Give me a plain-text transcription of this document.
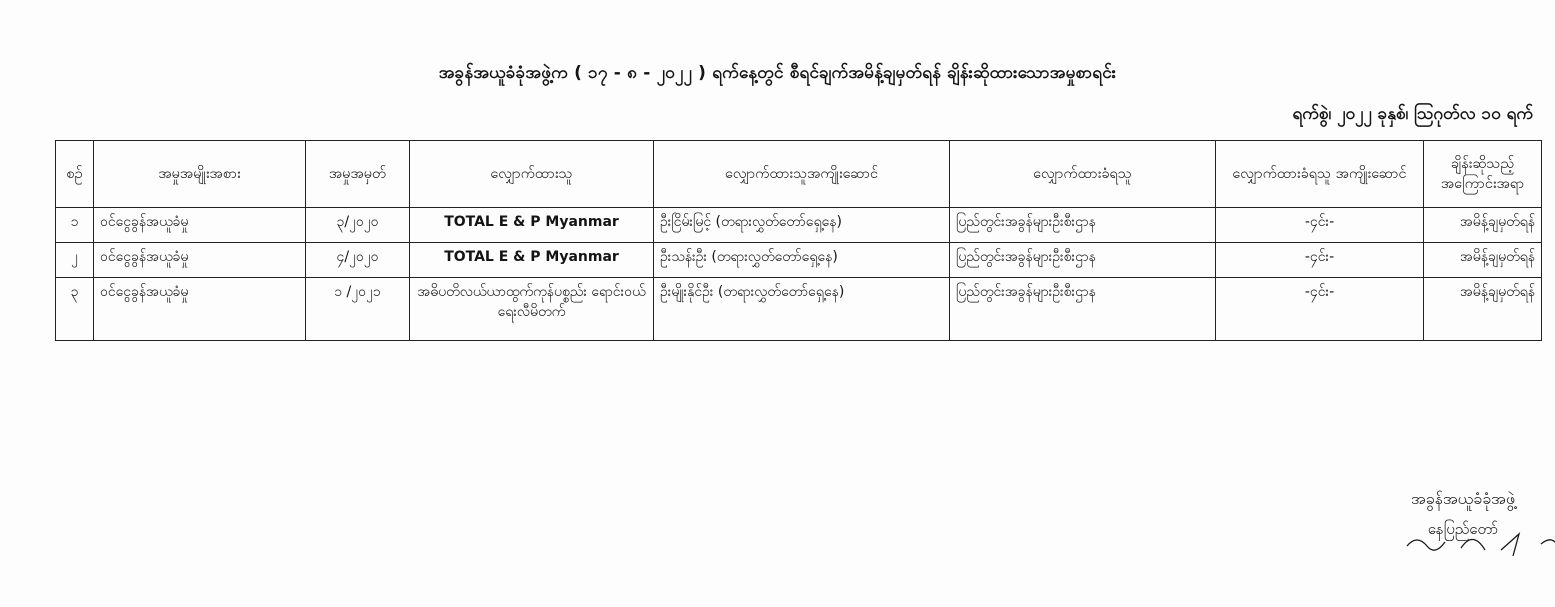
အခွန်အယူခံခုံအဖွဲ့က ( ၁၇ - ၈ - ၂၀၂၂ ) ရက်နေ့တွင် စီရင်ချက်အမိန့်ချမှတ်ရန် ချိန်းဆိုထားသောအမှုစာရင်း
ရက်စွဲ၊ ၂၀၂၂ ခုနှစ်၊ ဩဂုတ်လ ၁၀ ရက်
စဉ်	အမှုအမျိုးအစား	အမှုအမှတ်	လျှောက်ထားသူ	လျှောက်ထားသူအကျိုးဆောင်	လျှောက်ထားခံရသူ	လျှောက်ထားခံရသူ အကျိုးဆောင်	ချိန်းဆိုသည့် အကြောင်းအရာ
၁	ဝင်ငွေခွန်အယူခံမှု	၃/၂၀၂၀	TOTAL E & P Myanmar	ဦးငြိမ်းမြင့် (တရားလွှတ်တော်ရှေ့နေ)	ပြည်တွင်းအခွန်များဦးစီးဌာန	-၄င်း-	အမိန့်ချမှတ်ရန်
၂	ဝင်ငွေခွန်အယူခံမှု	၄/၂၀၂၀	TOTAL E & P Myanmar	ဦးသန်းဦး (တရားလွှတ်တော်ရှေ့နေ)	ပြည်တွင်းအခွန်များဦးစီးဌာန	-၄င်း-	အမိန့်ချမှတ်ရန်
၃	ဝင်ငွေခွန်အယူခံမှု	၁ /၂၀၂၁	အဓိပတိလယ်ယာထွက်ကုန်ပစ္စည်း ရောင်းဝယ်ရေးလီမိတက်	ဦးမျိုးနိုင်ဦး (တရားလွှတ်တော်ရှေ့နေ)	ပြည်တွင်းအခွန်များဦးစီးဌာန	-၄င်း-	အမိန့်ချမှတ်ရန်
အခွန်အယူခံခုံအဖွဲ့
နေပြည်တော်
